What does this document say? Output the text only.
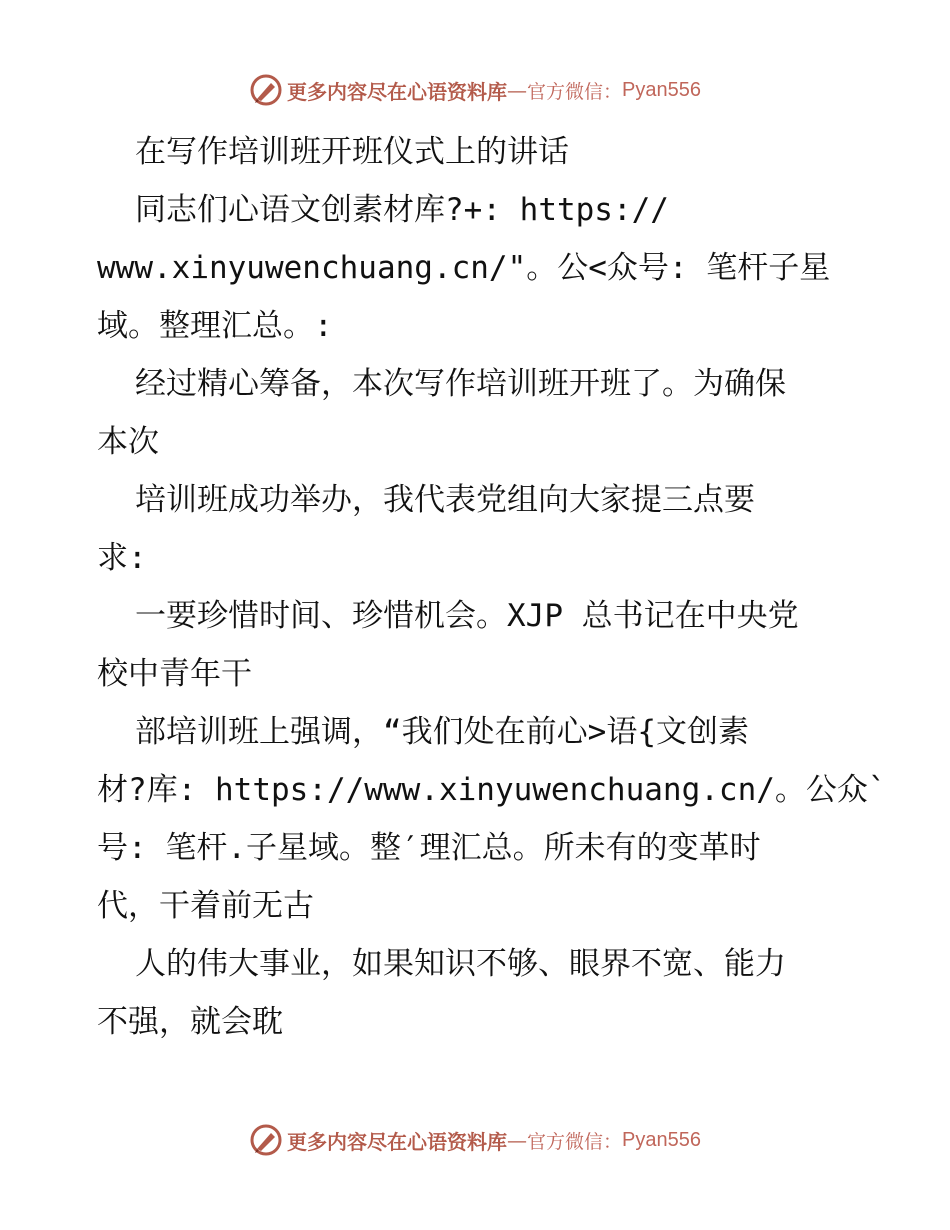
更多内容尽在心语资料库 — 官方微信： Pyan556
在写作培训班开班仪式上的讲话
同志们心语文创素材库?+: https://
www.xinyuwenchuang.cn/"。公<众号: 笔杆子星
域。整理汇总。:
经过精心筹备，本次写作培训班开班了。为确保
本次
培训班成功举办，我代表党组向大家提三点要
求:
一要珍惜时间、珍惜机会。XJP 总书记在中央党
校中青年干
部培训班上强调，“我们处在前心>语{文创素
材?库: https://www.xinyuwenchuang.cn/。公众`
号: 笔杆.子星域。整′理汇总。所未有的变革时
代，干着前无古
人的伟大事业，如果知识不够、眼界不宽、能力
不强，就会耽
更多内容尽在心语资料库 — 官方微信： Pyan556
